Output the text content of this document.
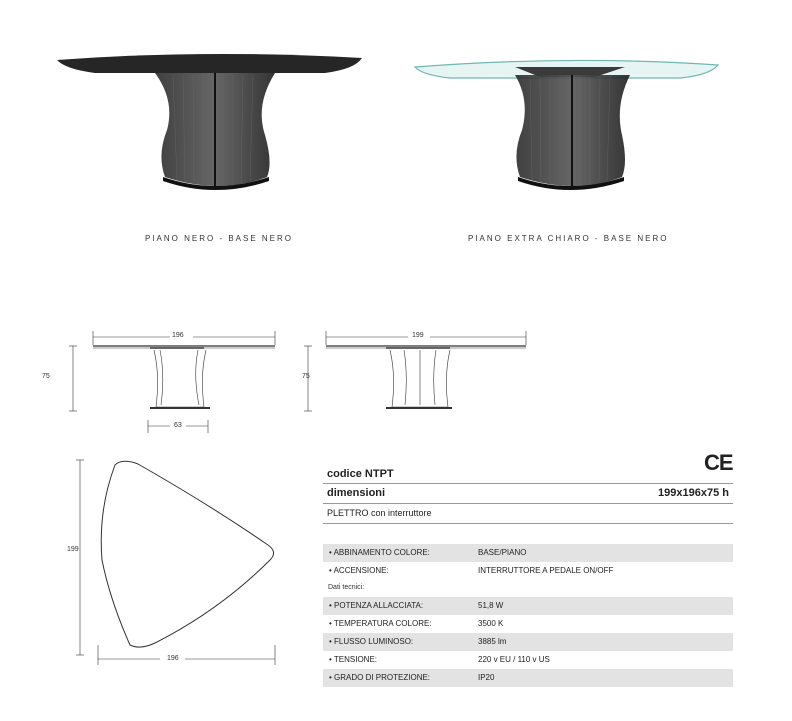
PIANO NERO - BASE NERO	PIANO EXTRA CHIARO - BASE NERO
196
75
63
199
75
199
196
CE
codice NTPT
dimensioni	199x196x75 h
PLETTRO con interruttore
• ABBINAMENTO COLORE:	BASE/PIANO
• ACCENSIONE:	INTERRUTTORE A PEDALE ON/OFF
Dati tecnici:
• POTENZA ALLACCIATA:	51,8 W
• TEMPERATURA COLORE:	3500 K
• FLUSSO LUMINOSO:	3885 lm
• TENSIONE:	220 v EU / 110 v US
• GRADO DI PROTEZIONE:	IP20
